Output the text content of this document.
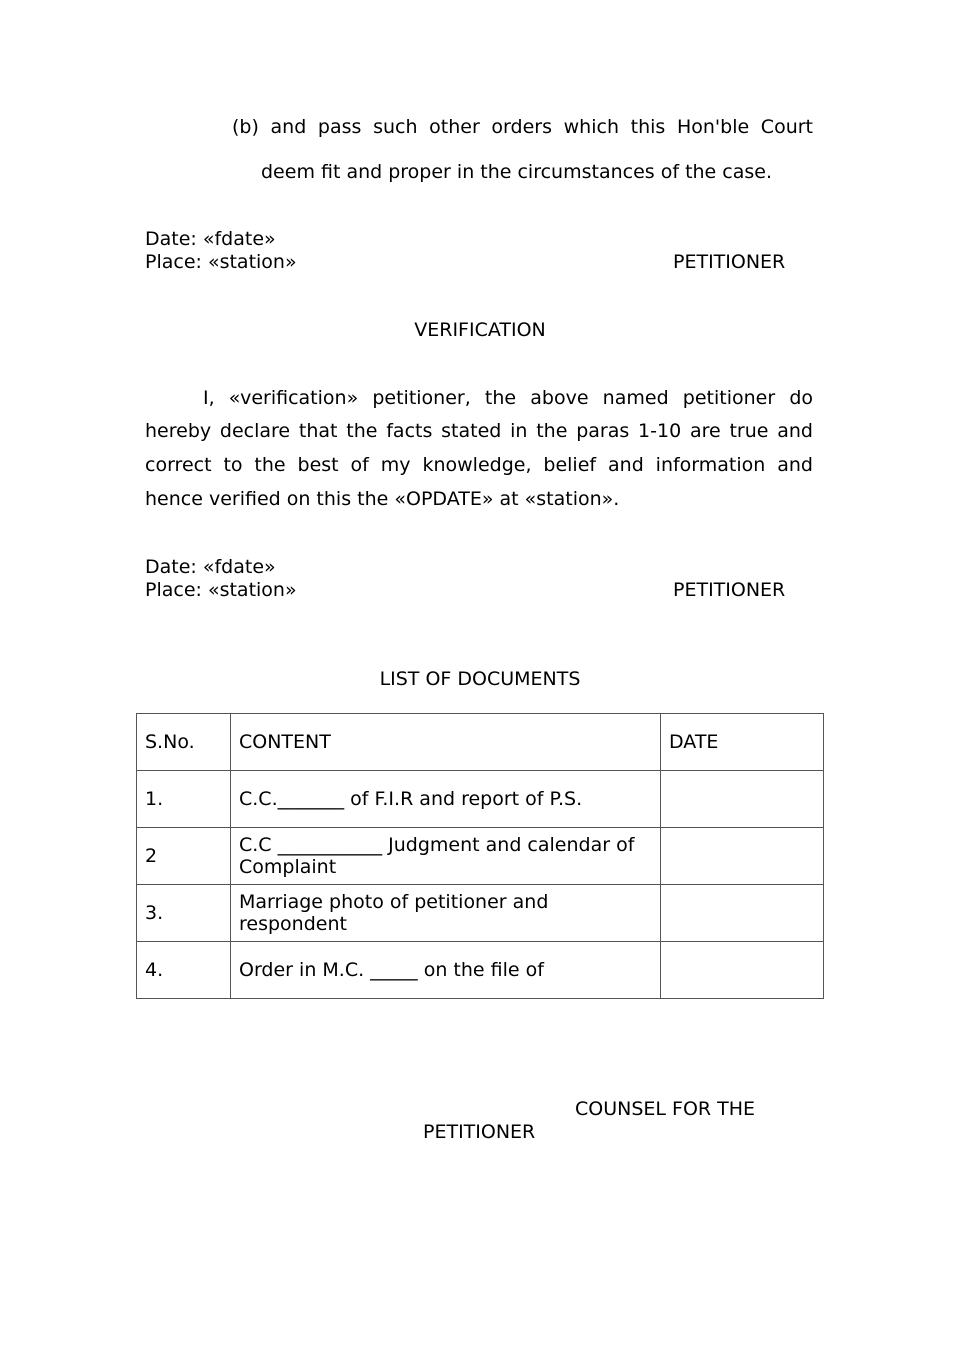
(b) and pass such other orders which this Hon'ble Court
deem fit and proper in the circumstances of the case.
Date: «fdate»
Place: «station»	PETITIONER
VERIFICATION
I, «verification» petitioner, the above named petitioner do
hereby declare that the facts stated in the paras 1-10 are true and
correct to the best of my knowledge, belief and information and
hence verified on this the «OPDATE» at «station».
Date: «fdate»
Place: «station»	PETITIONER
LIST OF DOCUMENTS
S.No.	CONTENT	DATE
1.	C.C._______ of F.I.R and report of P.S.	
2	C.C ___________ Judgment and calendar of Complaint	
3.	Marriage photo of petitioner and respondent	
4.	Order in M.C. _____ on the file of	
COUNSEL FOR THE
PETITIONER
